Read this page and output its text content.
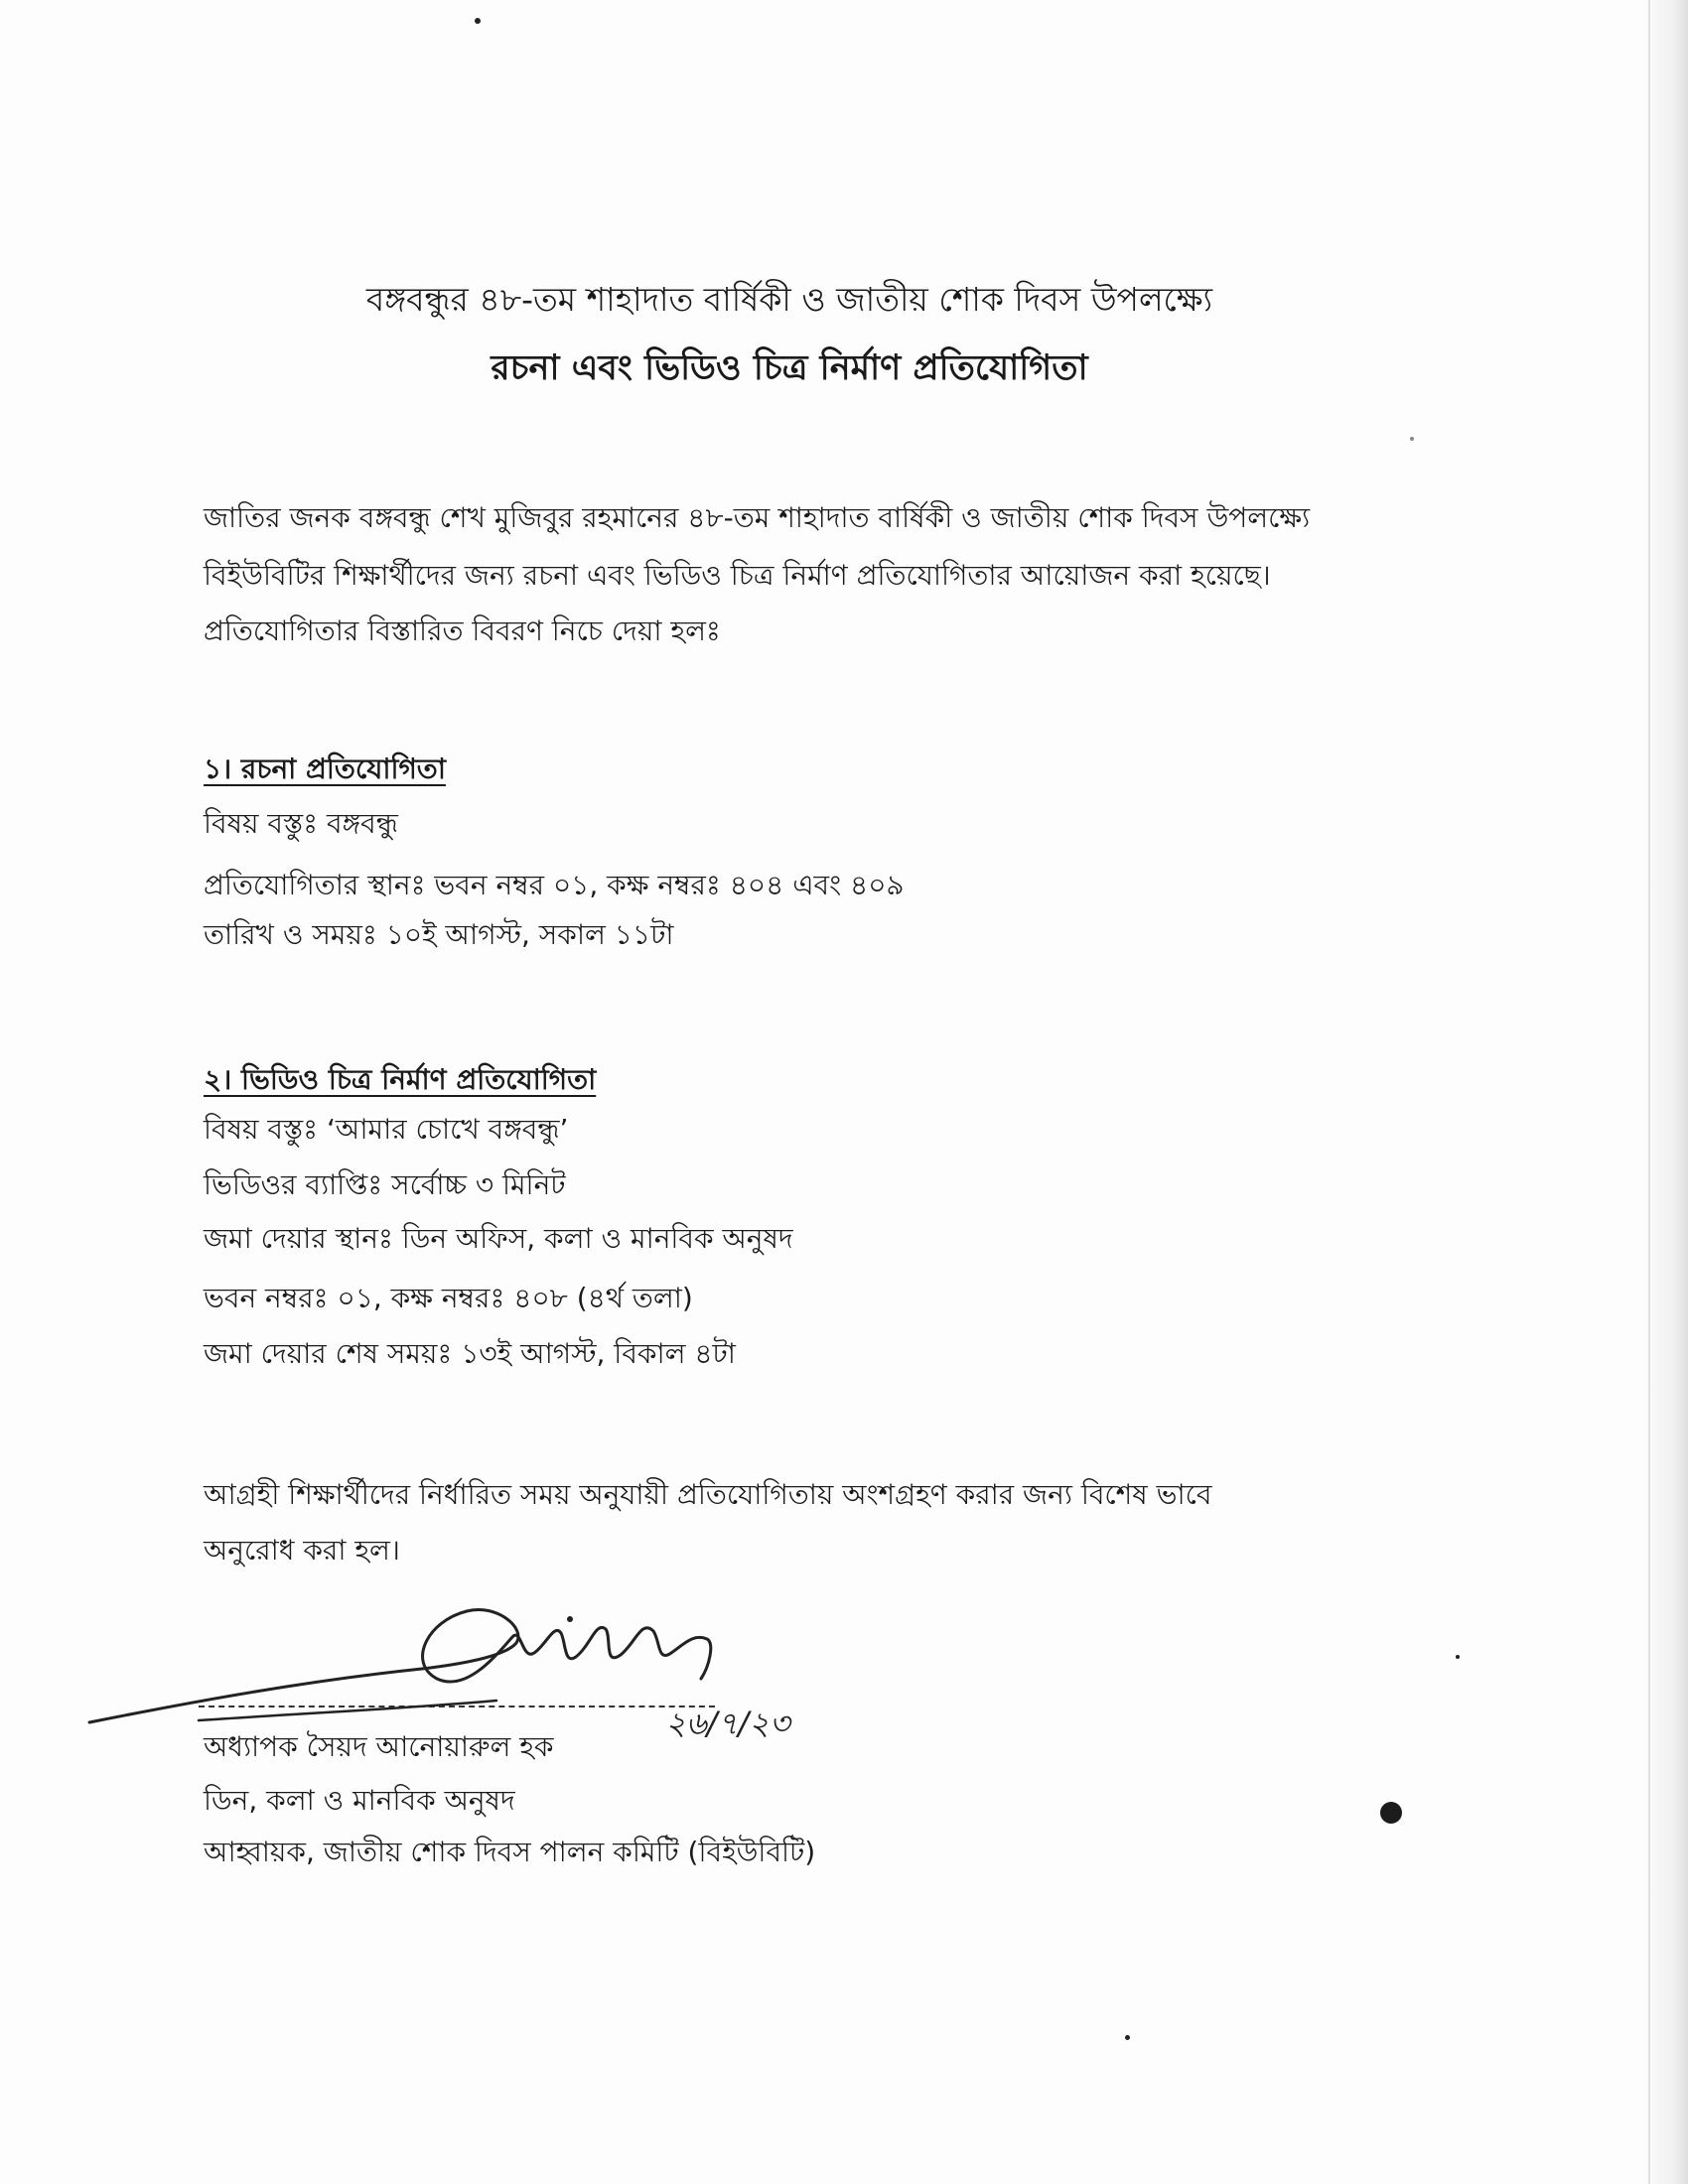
বঙ্গবন্ধুর ৪৮-তম শাহাদাত বার্ষিকী ও জাতীয় শোক দিবস উপলক্ষ্যে
রচনা এবং ভিডিও চিত্র নির্মাণ প্রতিযোগিতা
জাতির জনক বঙ্গবন্ধু শেখ মুজিবুর রহমানের ৪৮-তম শাহাদাত বার্ষিকী ও জাতীয় শোক দিবস উপলক্ষ্যে
বিইউবিটির শিক্ষার্থীদের জন্য রচনা এবং ভিডিও চিত্র নির্মাণ প্রতিযোগিতার আয়োজন করা হয়েছে।
প্রতিযোগিতার বিস্তারিত বিবরণ নিচে দেয়া হলঃ
১। রচনা প্রতিযোগিতা
বিষয় বস্তুঃ বঙ্গবন্ধু
প্রতিযোগিতার স্থানঃ ভবন নম্বর ০১, কক্ষ নম্বরঃ ৪০৪ এবং ৪০৯
তারিখ ও সময়ঃ ১০ই আগস্ট, সকাল ১১টা
২। ভিডিও চিত্র নির্মাণ প্রতিযোগিতা
বিষয় বস্তুঃ ‘আমার চোখে বঙ্গবন্ধু’
ভিডিওর ব্যাপ্তিঃ সর্বোচ্চ ৩ মিনিট
জমা দেয়ার স্থানঃ ডিন অফিস, কলা ও মানবিক অনুষদ
ভবন নম্বরঃ ০১, কক্ষ নম্বরঃ ৪০৮ (৪র্থ তলা)
জমা দেয়ার শেষ সময়ঃ ১৩ই আগস্ট, বিকাল ৪টা
আগ্রহী শিক্ষার্থীদের নির্ধারিত সময় অনুযায়ী প্রতিযোগিতায় অংশগ্রহণ করার জন্য বিশেষ ভাবে
অনুরোধ করা হল।
২৬/৭/২৩
অধ্যাপক সৈয়দ আনোয়ারুল হক
ডিন, কলা ও মানবিক অনুষদ
আহ্বায়ক, জাতীয় শোক দিবস পালন কমিটি (বিইউবিটি)
